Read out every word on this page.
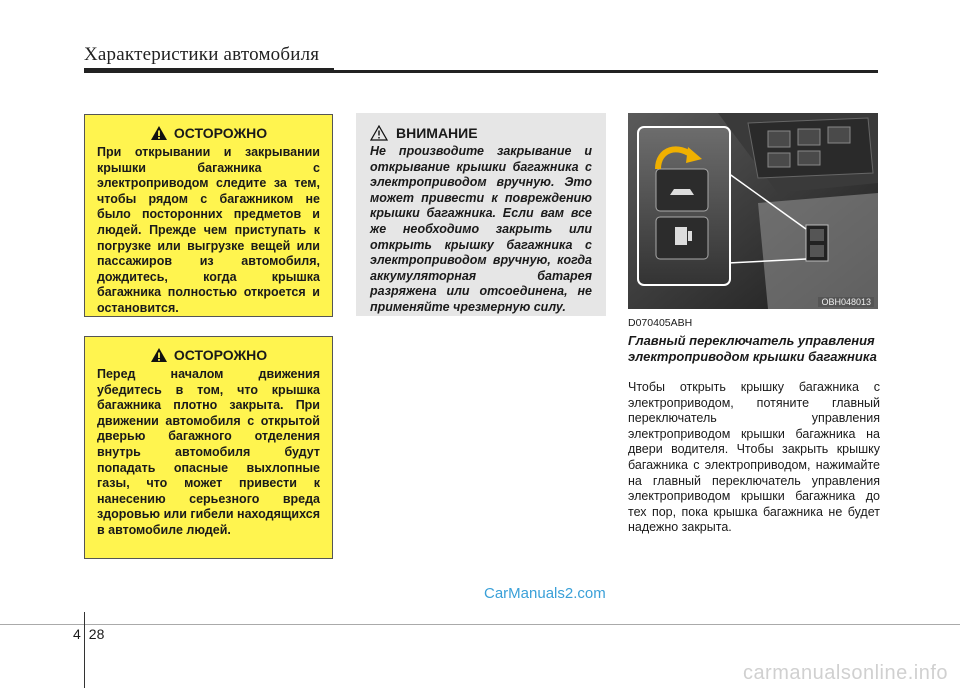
Характеристики автомобиля
ОСТОРОЖНО
При открывании и закрывании крышки багажника с электроприводом следите за тем, чтобы рядом с багажником не было посторонних предметов и людей. Прежде чем приступать к погрузке или выгрузке вещей или пассажиров из автомобиля, дождитесь, когда крышка багажника полностью откроется и остановится.
ОСТОРОЖНО
Перед началом движения убедитесь в том, что крышка багажника плотно закрыта. При движении автомобиля с открытой дверью багажного отделения внутрь автомобиля будут попадать опасные выхлопные газы, что может привести к нанесению серьезного вреда здоровью или гибели находящихся в автомобиле людей.
ВНИМАНИЕ
Не производите закрывание и открывание крышки багажника с электроприводом вручную. Это может привести к повреждению крышки багажника. Если вам все же необходимо закрыть или открыть крышку багажника с электроприводом вручную, когда аккумуляторная батарея разряжена или отсоединена, не применяйте чрезмерную силу.	OBH048013
D070405ABH
Главный переключатель управления электроприводом крышки багажника
Чтобы открыть крышку багажника с электроприводом, потяните главный переключатель управления электроприводом крышки багажника на двери водителя. Чтобы закрыть крышку багажника с электроприводом, нажимайте на главный переключатель управления электроприводом крышки багажника до тех пор, пока крышка багажника не будет надежно закрыта.
CarManuals2.com
4 28
carmanualsonline.info
